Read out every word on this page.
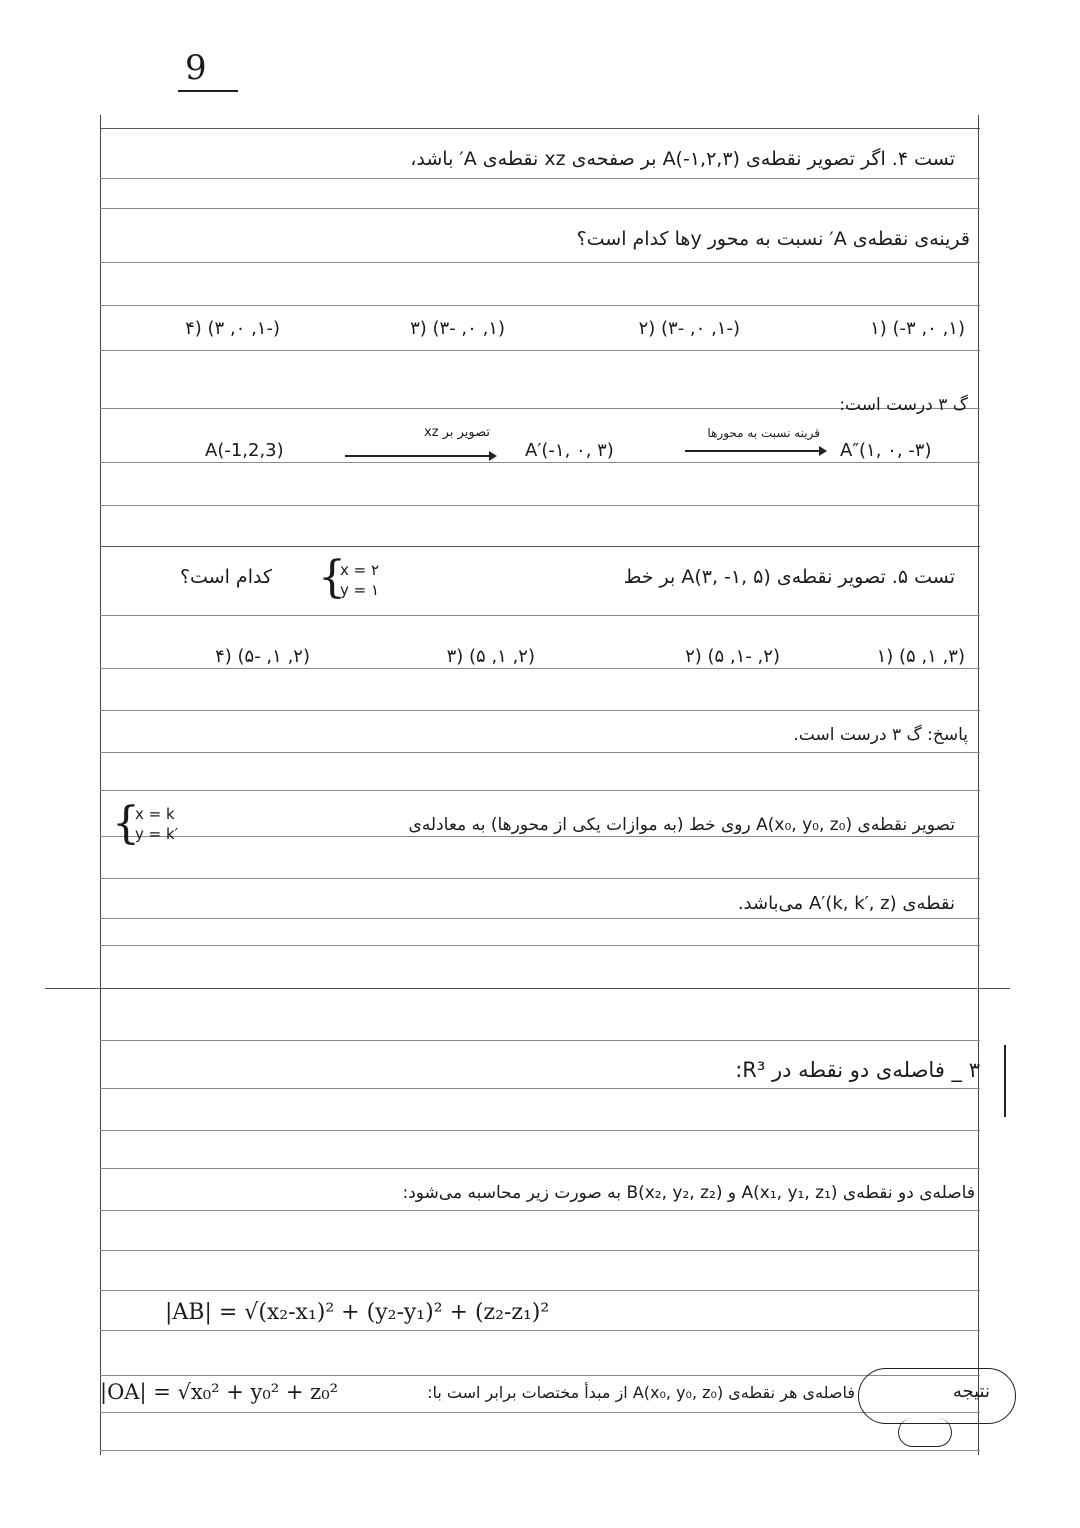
9
تست ۴. اگر تصویر نقطه‌ی A(-۱,۲,۳) بر صفحه‌ی xz نقطه‌ی A′ باشد،
قرینه‌ی نقطه‌ی A′ نسبت به محور yها کدام است؟
(۱, ۰, ۳-) (۱
(-۱, ۰, -۳) (۲
(۱, ۰, -۳) (۳
(-۱, ۰, ۳) (۴
گ ۳ درست است:
A(-1,2,3)
تصویر بر xz
A′(-۱, ۰, ۳)
قرینه نسبت به محورها
A″(۱, ۰, -۳)
تست ۵. تصویر نقطه‌ی A(۳, -۱, ۵) بر خط
{
x = ۲
y = ۱
کدام است؟
(۳, ۱, ۵) (۱
(۲, -۱, ۵) (۲
(۲, ۱, ۵) (۳
(۲, ۱, -۵) (۴
پاسخ: گ ۳ درست است.
تصویر نقطه‌ی A(x₀, y₀, z₀) روی خط (به موازات یکی از محورها) به معادله‌ی
{
x = k
y = k′
نقطه‌ی A′(k, k′, z) می‌باشد.
۳ _ فاصله‌ی دو نقطه در R³:
فاصله‌ی دو نقطه‌ی A(x₁, y₁, z₁) و B(x₂, y₂, z₂) به صورت زیر محاسبه می‌شود:
|AB| = √(x₂-x₁)² + (y₂-y₁)² + (z₂-z₁)²
نتیجه
فاصله‌ی هر نقطه‌ی A(x₀, y₀, z₀) از مبدأ مختصات برابر است با:
|OA| = √x₀² + y₀² + z₀²
